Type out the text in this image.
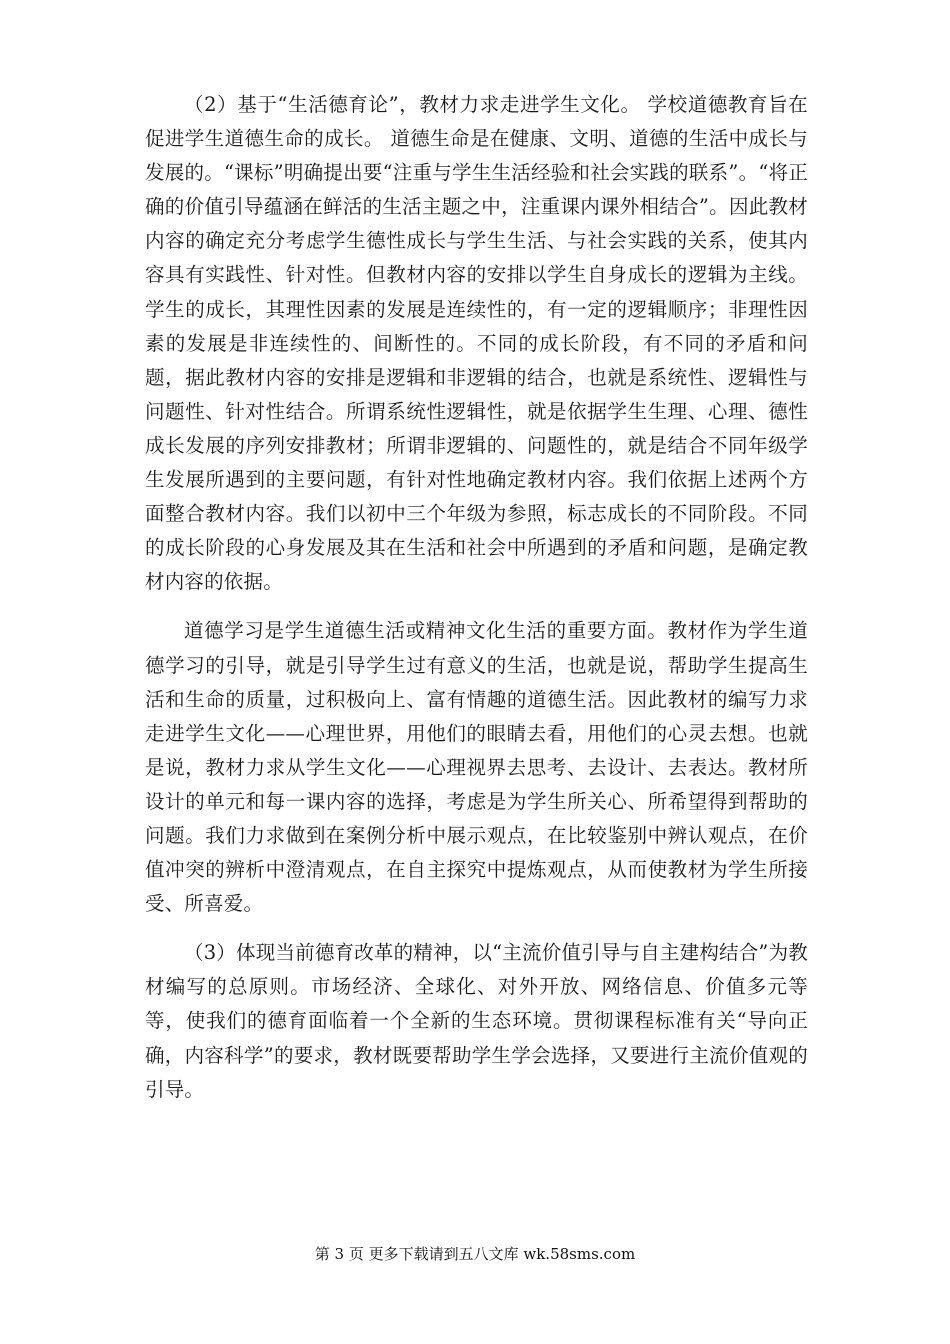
（2）基于“生活德育论”，教材力求走进学生文化。 学校道德教育旨在促进学生道德生命的成长。 道德生命是在健康、文明、道德的生活中成长与发展的。“课标”明确提出要“注重与学生生活经验和社会实践的联系”。“将正确的价值引导蕴涵在鲜活的生活主题之中，注重课内课外相结合”。因此教材内容的确定充分考虑学生德性成长与学生生活、与社会实践的关系，使其内容具有实践性、针对性。但教材内容的安排以学生自身成长的逻辑为主线。学生的成长，其理性因素的发展是连续性的，有一定的逻辑顺序；非理性因素的发展是非连续性的、间断性的。不同的成长阶段，有不同的矛盾和问题，据此教材内容的安排是逻辑和非逻辑的结合，也就是系统性、逻辑性与问题性、针对性结合。所谓系统性逻辑性，就是依据学生生理、心理、德性成长发展的序列安排教材；所谓非逻辑的、问题性的，就是结合不同年级学生发展所遇到的主要问题，有针对性地确定教材内容。我们依据上述两个方面整合教材内容。我们以初中三个年级为参照，标志成长的不同阶段。不同的成长阶段的心身发展及其在生活和社会中所遇到的矛盾和问题，是确定教材内容的依据。

道德学习是学生道德生活或精神文化生活的重要方面。教材作为学生道德学习的引导，就是引导学生过有意义的生活，也就是说，帮助学生提高生活和生命的质量，过积极向上、富有情趣的道德生活。因此教材的编写力求走进学生文化——心理世界，用他们的眼睛去看，用他们的心灵去想。也就是说，教材力求从学生文化——心理视界去思考、去设计、去表达。教材所设计的单元和每一课内容的选择，考虑是为学生所关心、所希望得到帮助的问题。我们力求做到在案例分析中展示观点，在比较鉴别中辨认观点，在价值冲突的辨析中澄清观点，在自主探究中提炼观点，从而使教材为学生所接受、所喜爱。

（3）体现当前德育改革的精神，以“主流价值引导与自主建构结合”为教材编写的总原则。市场经济、全球化、对外开放、网络信息、价值多元等等，使我们的德育面临着一个全新的生态环境。贯彻课程标准有关“导向正确，内容科学”的要求，教材既要帮助学生学会选择，又要进行主流价值观的引导。

第 3 页 更多下载请到五八文库 wk.58sms.com
